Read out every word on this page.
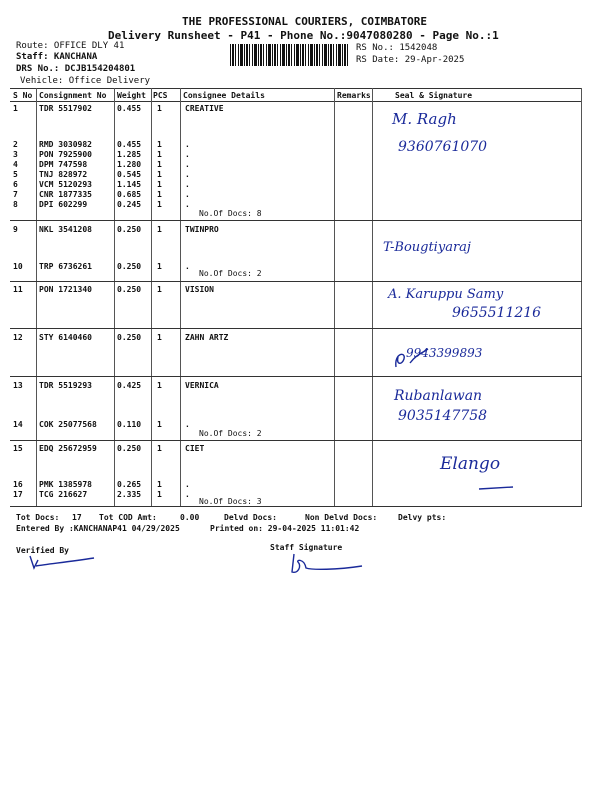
THE PROFESSIONAL COURIERS, COIMBATORE
Delivery Runsheet - P41 - Phone No.:9047080280 - Page No.:1
Route: OFFICE DLY 41
Staff: KANCHANA
DRS No.: DCJB154204801
Vehicle: Office Delivery
RS No.: 1542048
RS Date: 29-Apr-2025
S No Consignment No Weight PCS Consignee Details	Remarks	Seal & Signature
1	TDR 5517902	0.455 1	CREATIVE
2	RMD 3030982	0.455 1	.
3	PON 7925900	1.285 1	.
4	DPM 747598	1.280 1	.
5	TNJ 828972	0.545 1	.
6	VCM 5120293	1.145 1	.
7	CNR 1877335	0.685 1	.
8	DPI 602299	0.245 1	.
9	NKL 3541208	0.250 1	TWINPRO
10 TRP 6736261	0.250 1	.
11 PON 1721340	0.250 1	VISION
12 STY 6140460	0.250 1	ZAHN ARTZ
13 TDR 5519293	0.425 1	VERNICA
14 COK 25077568	0.110 1	.
15 EDQ 25672959	0.250 1	CIET
16 PMK 1385978	0.265 1	.
17 TCG 216627	2.335 1	.
No.Of Docs: 8
No.Of Docs: 2
No.Of Docs: 2
No.Of Docs: 3
M. Ragh
9360761070
T-Bougtiyaraj
A. Karuppu Samy
9655511216
9943399893
Rubanlawan
9035147758
Elango
Tot Docs: 17 Tot COD Amt:	0.00	Delvd Docs:	Non Delvd Docs:	Delvy pts:
Entered By :KANCHANAP41 04/29/2025	Printed on: 29-04-2025 11:01:42
Verified By	Staff Signature
